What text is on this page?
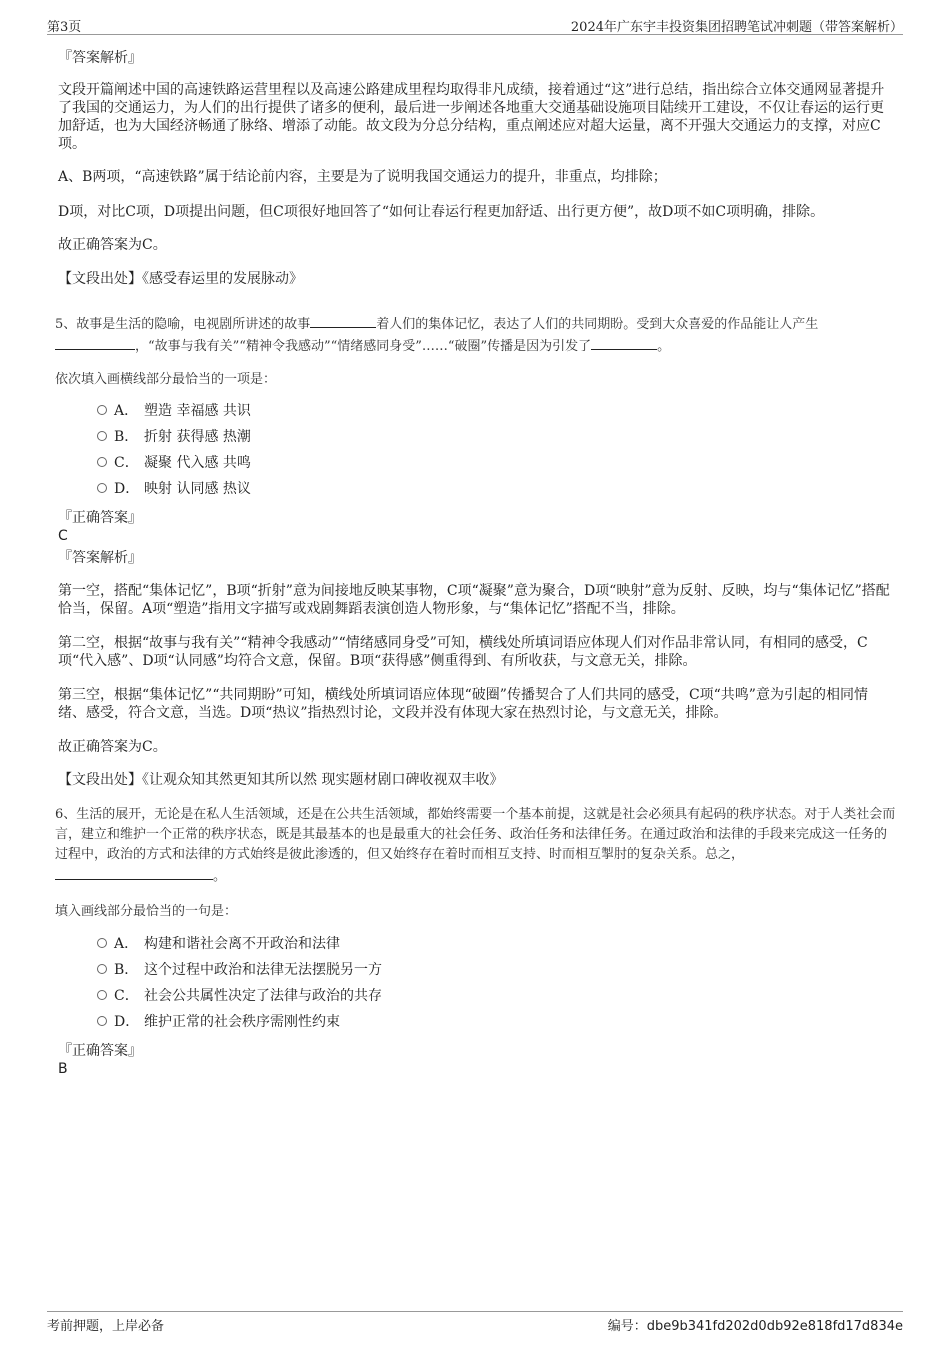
第3页	2024年广东宇丰投资集团招聘笔试冲刺题（带答案解析）
『答案解析』
文段开篇阐述中国的高速铁路运营里程以及高速公路建成里程均取得非凡成绩，接着通过“这”进行总结，指出综合立体交通网显著提升了我国的交通运力，为人们的出行提供了诸多的便利，最后进一步阐述各地重大交通基础设施项目陆续开工建设，不仅让春运的运行更加舒适，也为大国经济畅通了脉络、增添了动能。故文段为分总分结构，重点阐述应对超大运量，离不开强大交通运力的支撑，对应C项。
A、B两项，“高速铁路”属于结论前内容，主要是为了说明我国交通运力的提升，非重点，均排除；
D项，对比C项，D项提出问题，但C项很好地回答了“如何让春运行程更加舒适、出行更方便”，故D项不如C项明确，排除。
故正确答案为C。
【文段出处】《感受春运里的发展脉动》
5、故事是生活的隐喻，电视剧所讲述的故事	着人们的集体记忆，表达了人们的共同期盼。受到大众喜爱的作品能让人产生
，“故事与我有关”“精神令我感动”“情绪感同身受”……“破圈”传播是因为引发了	。
依次填入画横线部分最恰当的一项是：
A． 塑造 幸福感 共识
B． 折射 获得感 热潮
C． 凝聚 代入感 共鸣
D． 映射 认同感 热议
『正确答案』
C
『答案解析』
第一空，搭配“集体记忆”，B项“折射”意为间接地反映某事物，C项“凝聚”意为聚合，D项“映射”意为反射、反映，均与“集体记忆”搭配恰当，保留。A项“塑造”指用文字描写或戏剧舞蹈表演创造人物形象，与“集体记忆”搭配不当，排除。
第二空，根据“故事与我有关”“精神令我感动”“情绪感同身受”可知，横线处所填词语应体现人们对作品非常认同，有相同的感受，C项“代入感”、D项“认同感”均符合文意，保留。B项“获得感”侧重得到、有所收获，与文意无关，排除。
第三空，根据“集体记忆”“共同期盼”可知，横线处所填词语应体现“破圈”传播契合了人们共同的感受，C项“共鸣”意为引起的相同情绪、感受，符合文意，当选。D项“热议”指热烈讨论，文段并没有体现大家在热烈讨论，与文意无关，排除。
故正确答案为C。
【文段出处】《让观众知其然更知其所以然 现实题材剧口碑收视双丰收》
6、生活的展开，无论是在私人生活领域，还是在公共生活领域，都始终需要一个基本前提，这就是社会必须具有起码的秩序状态。对于人类社会而言，建立和维护一个正常的秩序状态，既是其最基本的也是最重大的社会任务、政治任务和法律任务。在通过政治和法律的手段来完成这一任务的过程中，政治的方式和法律的方式始终是彼此渗透的，但又始终存在着时而相互支持、时而相互掣肘的复杂关系。总之，。
填入画线部分最恰当的一句是：
A． 构建和谐社会离不开政治和法律
B． 这个过程中政治和法律无法摆脱另一方
C． 社会公共属性决定了法律与政治的共存
D． 维护正常的社会秩序需刚性约束
『正确答案』
B
考前押题，上岸必备	编号：dbe9b341fd202d0db92e818fd17d834e
